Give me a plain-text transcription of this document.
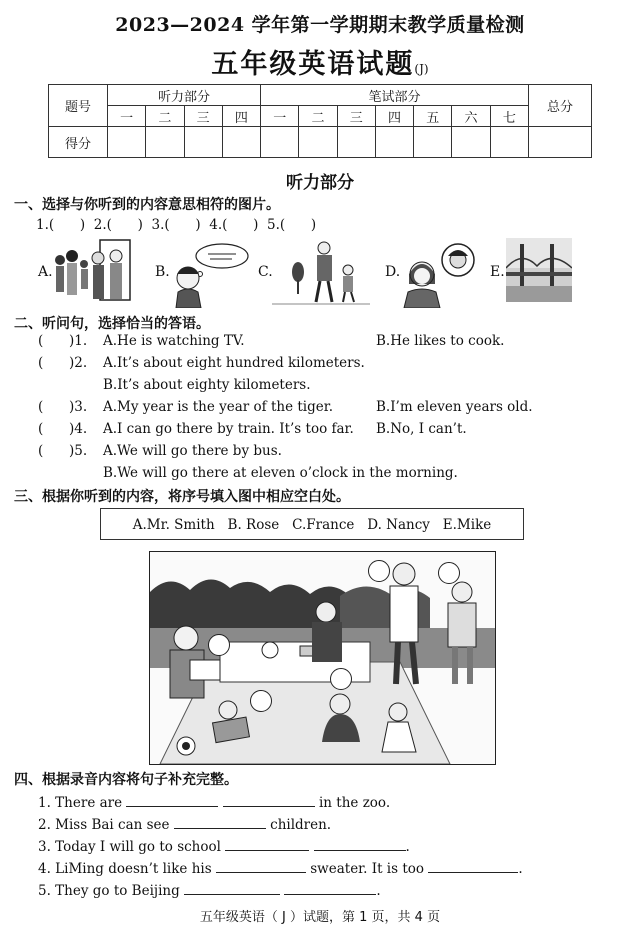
2023—2024 学年第一学期期末教学质量检测
五年级英语试题(J)
题号	听力部分				笔试部分							总分
	一	二	三	四	一	二	三	四	五	六	七	
得分												
听力部分
一、选择与你听到的内容意思相符的图片。
1.(      )  2.(      )  3.(      )  4.(      )  5.(      )
A.	B.	C.	D.	E.
二、听问句，选择恰当的答语。
(      )1. A.He is watching TV.	B.He likes to cook.
(      )2. A.It’s about eight hundred kilometers.
B.It’s about eighty kilometers.
(      )3. A.My year is the year of the tiger.	B.I’m eleven years old.
(      )4. A.I can go there by train. It’s too far. B.No, I can’t.
(      )5. A.We will go there by bus.
B.We will go there at eleven o’clock in the morning.
三、根据你听到的内容，将序号填入图中相应空白处。
A.Mr. Smith   B. Rose   C.France   D. Nancy   E.Mike
四、根据录音内容将句子补充完整。
1. There are	in the zoo.
2. Miss Bai can see	children.
3. Today I will go to school	.
4. LiMing doesn’t like his	sweater. It is too	.
5. They go to Beijing	.
五年级英语（ J ）试题，第 1 页，共 4 页
